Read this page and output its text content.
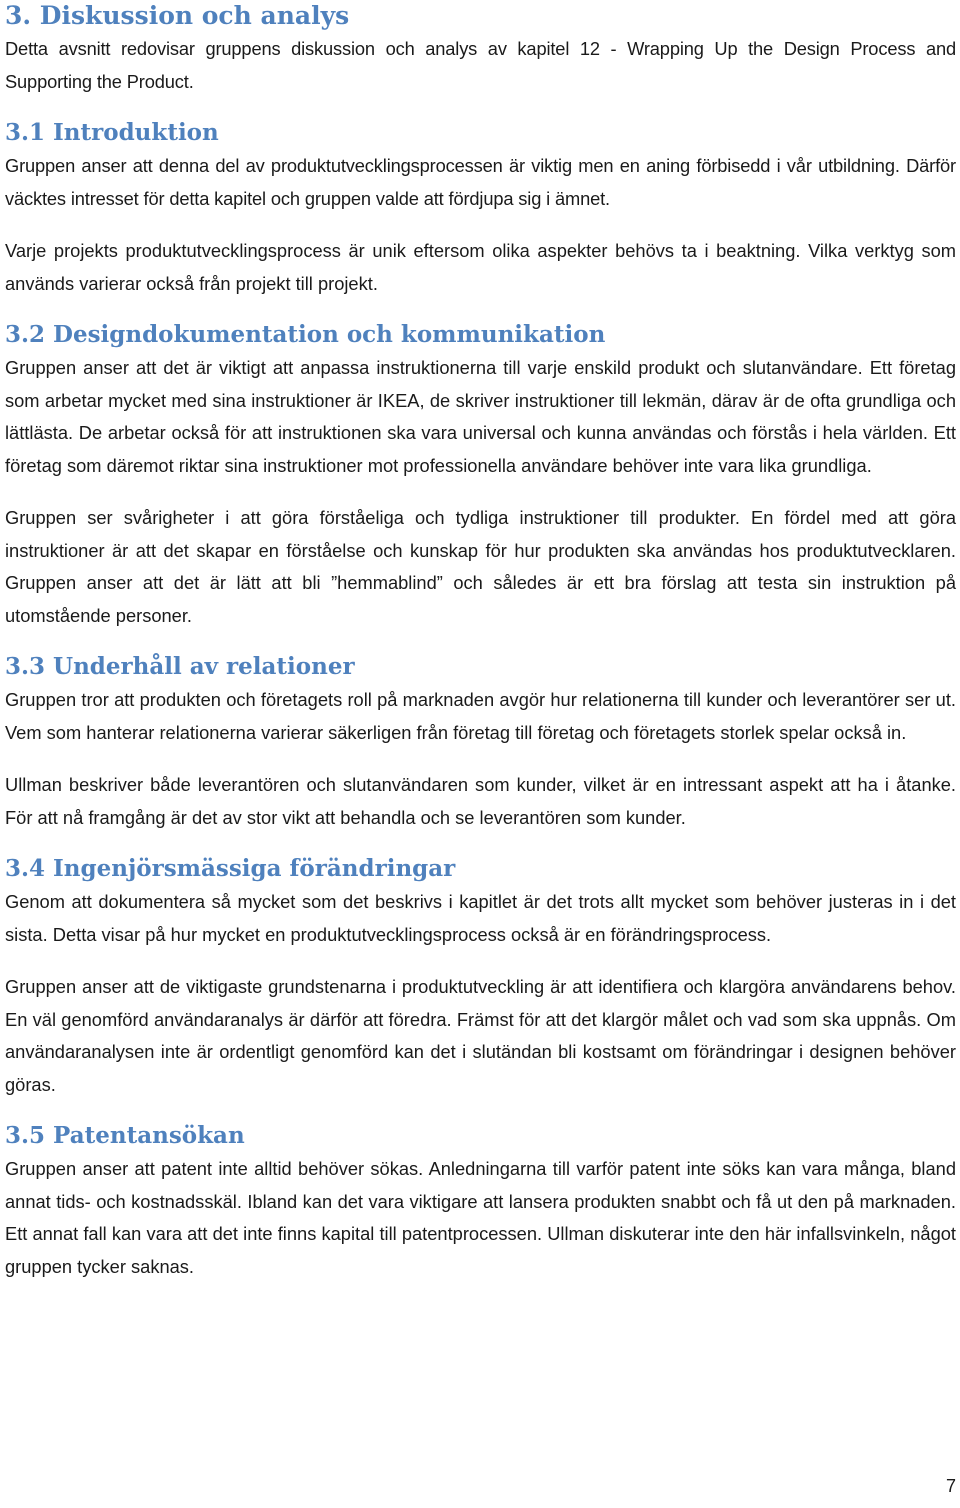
3. Diskussion och analys

Detta avsnitt redovisar gruppens diskussion och analys av kapitel 12 - Wrapping Up the Design Process and Supporting the Product.

3.1 Introduktion

Gruppen anser att denna del av produktutvecklingsprocessen är viktig men en aning förbisedd i vår utbildning. Därför väcktes intresset för detta kapitel och gruppen valde att fördjupa sig i ämnet.

Varje projekts produktutvecklingsprocess är unik eftersom olika aspekter behövs ta i beaktning. Vilka verktyg som används varierar också från projekt till projekt.

3.2 Designdokumentation och kommunikation

Gruppen anser att det är viktigt att anpassa instruktionerna till varje enskild produkt och slutanvändare. Ett företag som arbetar mycket med sina instruktioner är IKEA, de skriver instruktioner till lekmän, därav är de ofta grundliga och lättlästa. De arbetar också för att instruktionen ska vara universal och kunna användas och förstås i hela världen. Ett företag som däremot riktar sina instruktioner mot professionella användare behöver inte vara lika grundliga.

Gruppen ser svårigheter i att göra förståeliga och tydliga instruktioner till produkter. En fördel med att göra instruktioner är att det skapar en förståelse och kunskap för hur produkten ska användas hos produktutvecklaren. Gruppen anser att det är lätt att bli ”hemmablind” och således är ett bra förslag att testa sin instruktion på utomstående personer.

3.3 Underhåll av relationer

Gruppen tror att produkten och företagets roll på marknaden avgör hur relationerna till kunder och leverantörer ser ut. Vem som hanterar relationerna varierar säkerligen från företag till företag och företagets storlek spelar också in.

Ullman beskriver både leverantören och slutanvändaren som kunder, vilket är en intressant aspekt att ha i åtanke. För att nå framgång är det av stor vikt att behandla och se leverantören som kunder.

3.4 Ingenjörsmässiga förändringar

Genom att dokumentera så mycket som det beskrivs i kapitlet är det trots allt mycket som behöver justeras in i det sista. Detta visar på hur mycket en produktutvecklingsprocess också är en förändringsprocess.

Gruppen anser att de viktigaste grundstenarna i produktutveckling är att identifiera och klargöra användarens behov. En väl genomförd användaranalys är därför att föredra. Främst för att det klargör målet och vad som ska uppnås. Om användaranalysen inte är ordentligt genomförd kan det i slutändan bli kostsamt om förändringar i designen behöver göras.

3.5 Patentansökan

Gruppen anser att patent inte alltid behöver sökas. Anledningarna till varför patent inte söks kan vara många, bland annat tids- och kostnadsskäl. Ibland kan det vara viktigare att lansera produkten snabbt och få ut den på marknaden. Ett annat fall kan vara att det inte finns kapital till patentprocessen. Ullman diskuterar inte den här infallsvinkeln, något gruppen tycker saknas.

7
